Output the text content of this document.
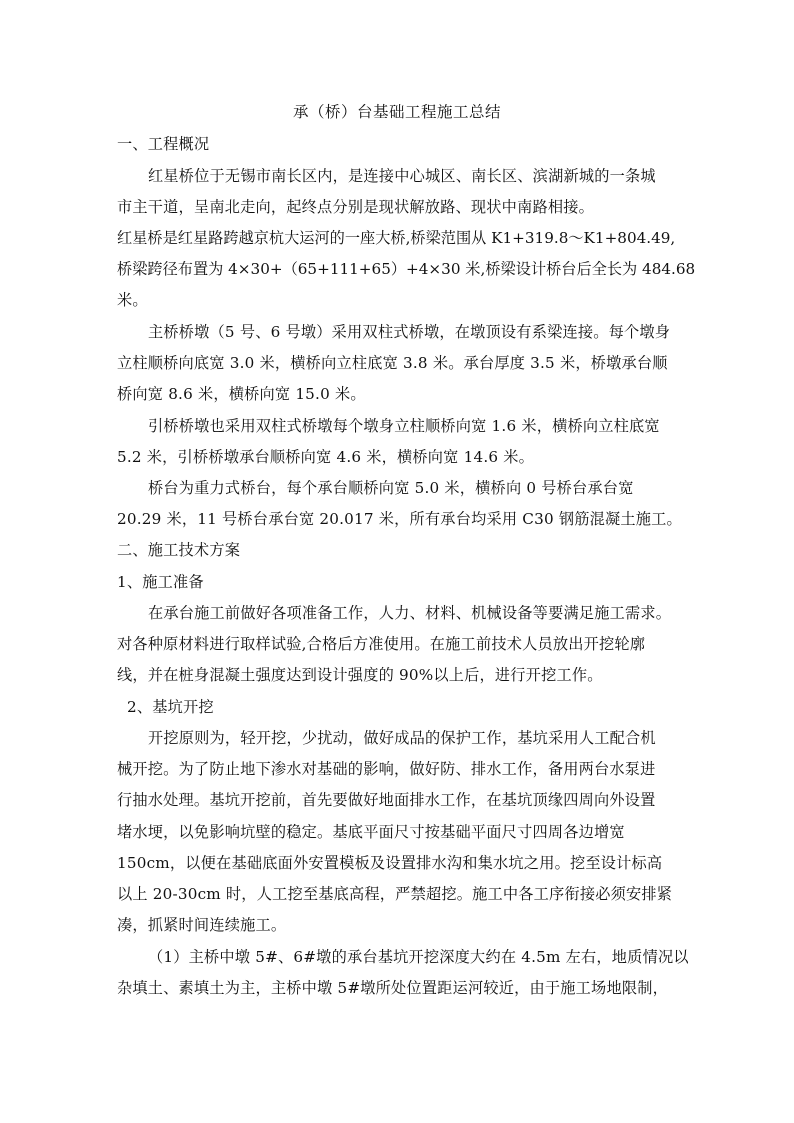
承（桥）台基础工程施工总结
一、工程概况
红星桥位于无锡市南长区内，是连接中心城区、南长区、滨湖新城的一条城
市主干道，呈南北走向，起终点分别是现状解放路、现状中南路相接。
红星桥是红星路跨越京杭大运河的一座大桥,桥梁范围从 K1+319.8～K1+804.49,
桥梁跨径布置为 4×30+（65+111+65）+4×30 米,桥梁设计桥台后全长为 484.68
米。
主桥桥墩（5 号、6 号墩）采用双柱式桥墩，在墩顶设有系梁连接。每个墩身
立柱顺桥向底宽 3.0 米，横桥向立柱底宽 3.8 米。承台厚度 3.5 米，桥墩承台顺
桥向宽 8.6 米，横桥向宽 15.0 米。
引桥桥墩也采用双柱式桥墩每个墩身立柱顺桥向宽 1.6 米，横桥向立柱底宽
5.2 米，引桥桥墩承台顺桥向宽 4.6 米，横桥向宽 14.6 米。
桥台为重力式桥台，每个承台顺桥向宽 5.0 米，横桥向 0 号桥台承台宽
20.29 米，11 号桥台承台宽 20.017 米，所有承台均采用 C30 钢筋混凝土施工。
二、施工技术方案
1、施工准备
在承台施工前做好各项准备工作，人力、材料、机械设备等要满足施工需求。
对各种原材料进行取样试验,合格后方准使用。在施工前技术人员放出开挖轮廓
线，并在桩身混凝土强度达到设计强度的 90%以上后，进行开挖工作。
2、基坑开挖
开挖原则为，轻开挖，少扰动，做好成品的保护工作，基坑采用人工配合机
械开挖。为了防止地下渗水对基础的影响，做好防、排水工作，备用两台水泵进
行抽水处理。基坑开挖前，首先要做好地面排水工作，在基坑顶缘四周向外设置
堵水埂，以免影响坑壁的稳定。基底平面尺寸按基础平面尺寸四周各边增宽
150cm，以便在基础底面外安置模板及设置排水沟和集水坑之用。挖至设计标高
以上 20-30cm 时，人工挖至基底高程，严禁超挖。施工中各工序衔接必须安排紧
凑，抓紧时间连续施工。
（1）主桥中墩 5#、6#墩的承台基坑开挖深度大约在 4.5m 左右，地质情况以
杂填土、素填土为主，主桥中墩 5#墩所处位置距运河较近，由于施工场地限制，
